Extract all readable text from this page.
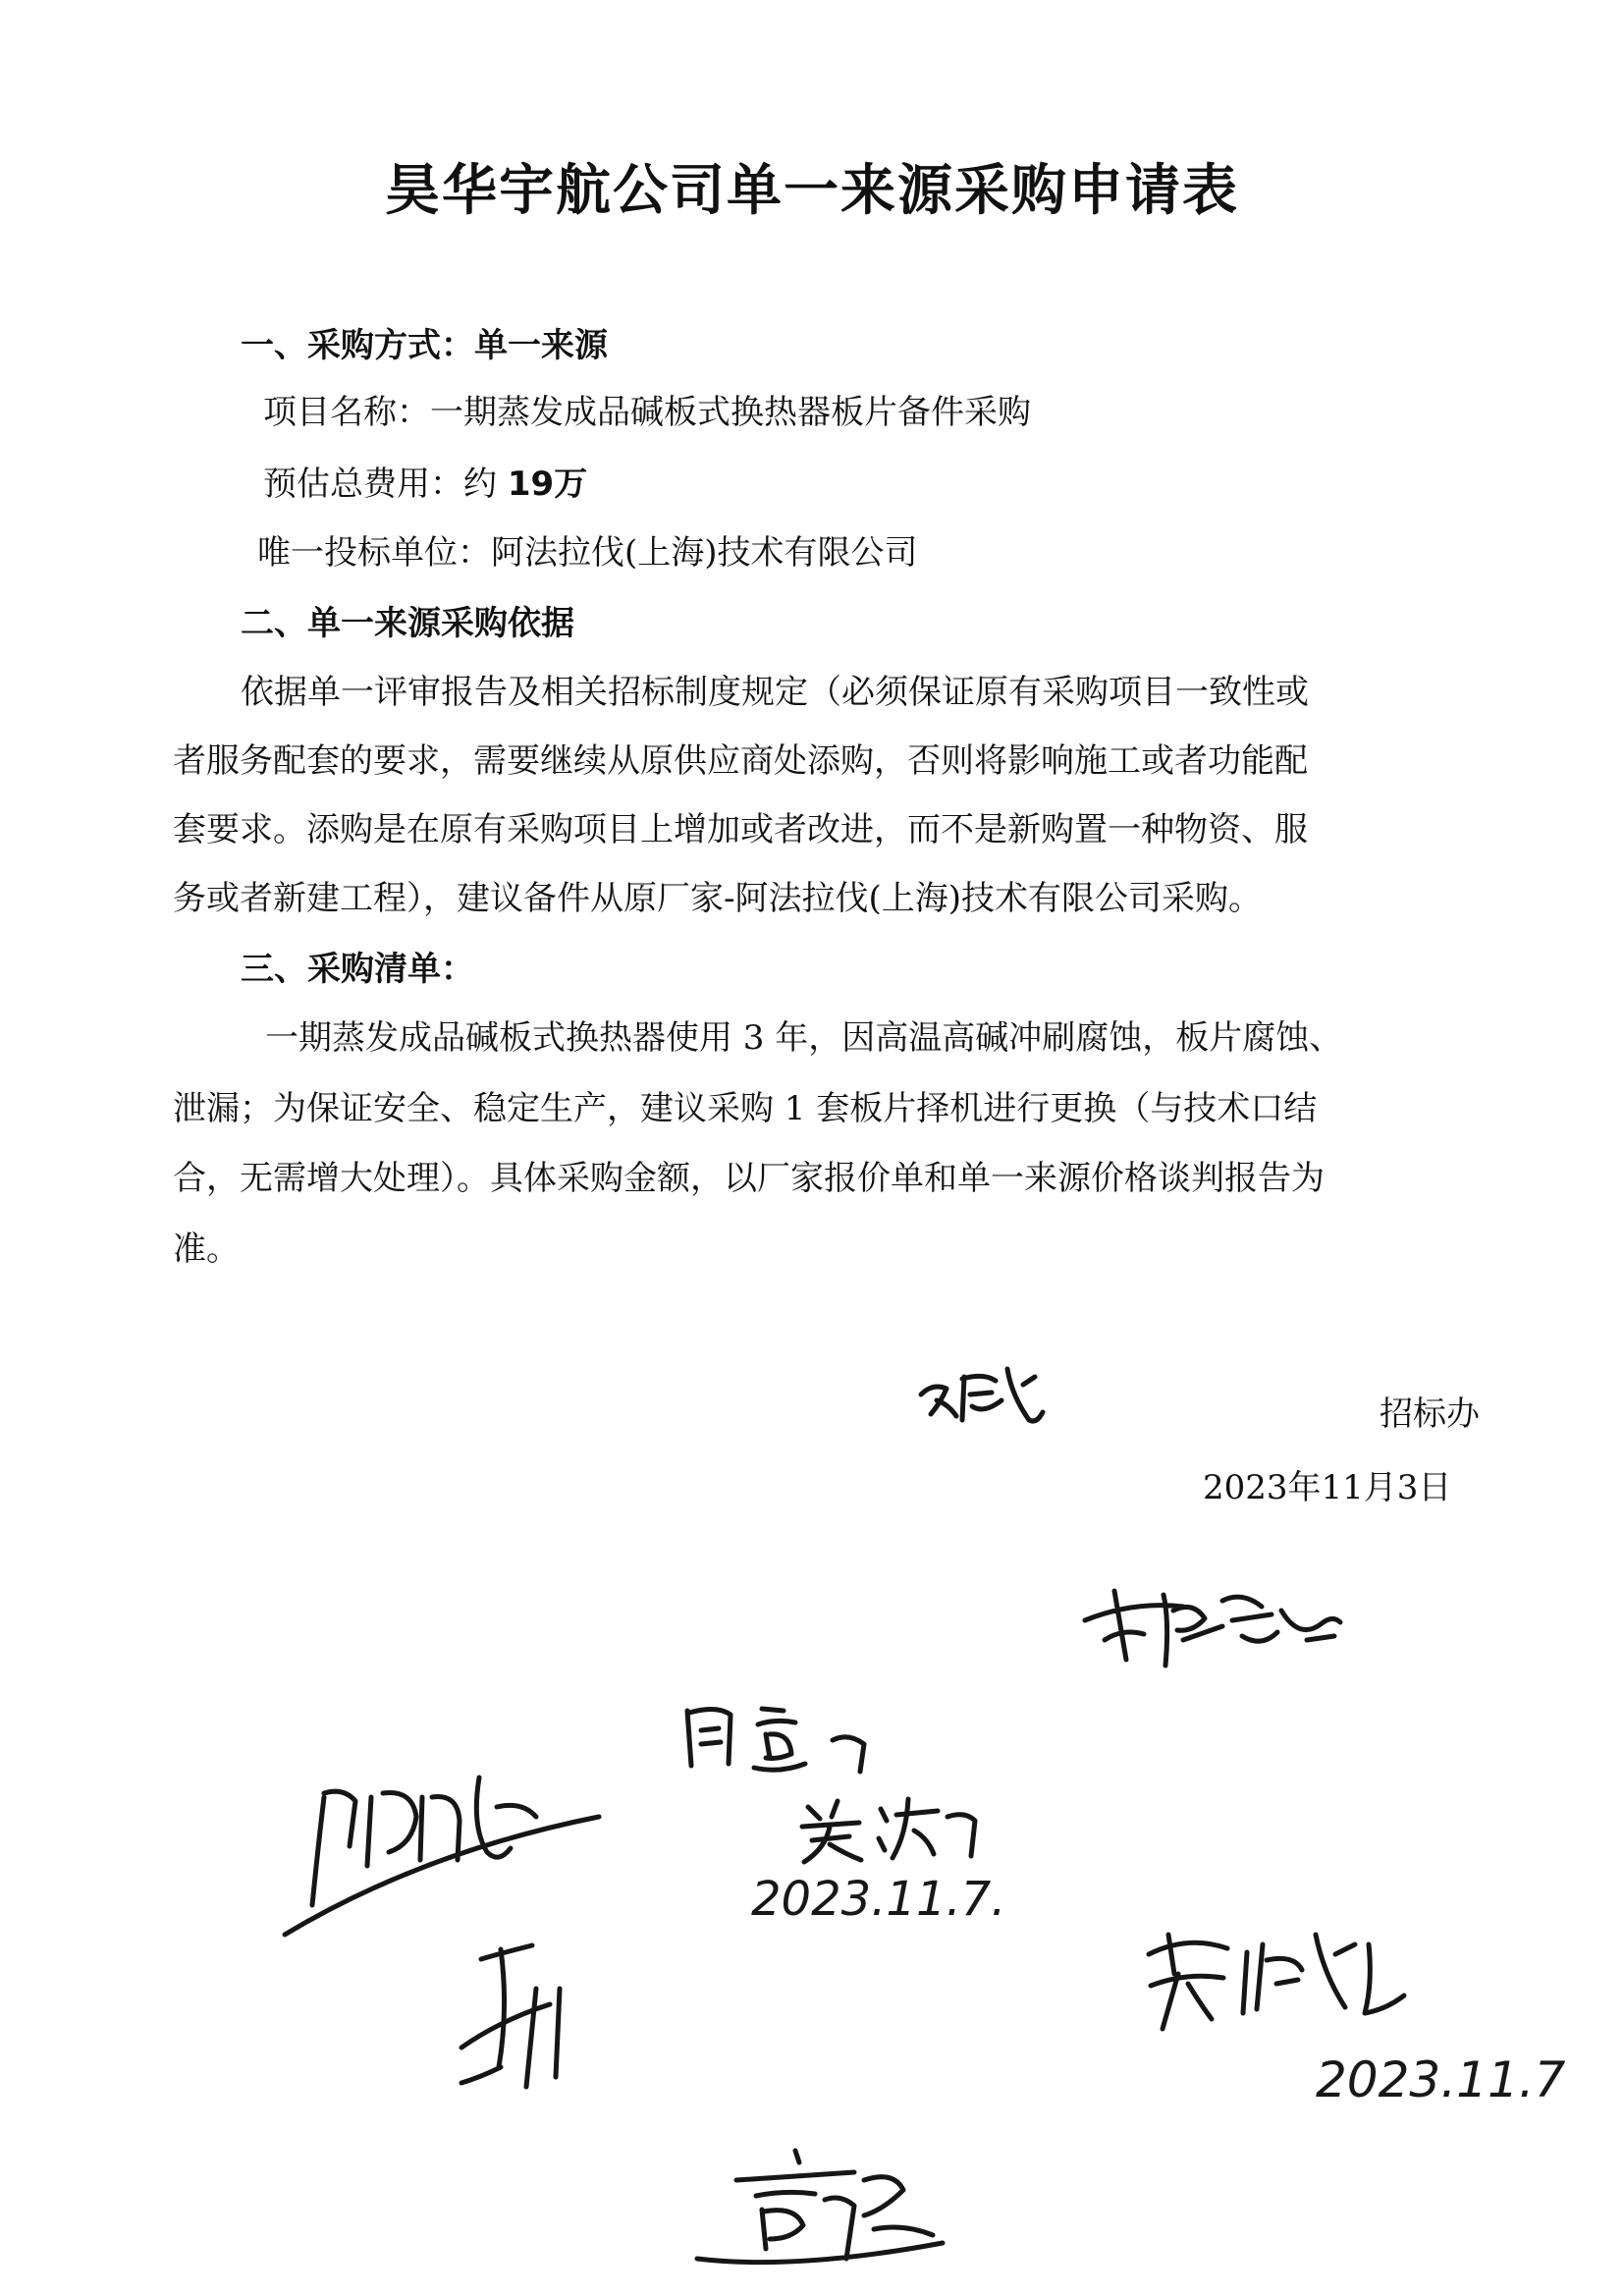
昊华宇航公司单一来源采购申请表
一、采购方式：单一来源
项目名称：一期蒸发成品碱板式换热器板片备件采购
预估总费用：约 19万
唯一投标单位：阿法拉伐(上海)技术有限公司
二、单一来源采购依据
依据单一评审报告及相关招标制度规定（必须保证原有采购项目一致性或
者服务配套的要求，需要继续从原供应商处添购，否则将影响施工或者功能配
套要求。添购是在原有采购项目上增加或者改进，而不是新购置一种物资、服
务或者新建工程），建议备件从原厂家-阿法拉伐(上海)技术有限公司采购。
三、采购清单：
一期蒸发成品碱板式换热器使用 3 年，因高温高碱冲刷腐蚀，板片腐蚀、
泄漏；为保证安全、稳定生产，建议采购 1 套板片择机进行更换（与技术口结
合，无需增大处理）。具体采购金额，以厂家报价单和单一来源价格谈判报告为
准。
招标办
2023年11月3日
2023.11.7.
2023.11.7
